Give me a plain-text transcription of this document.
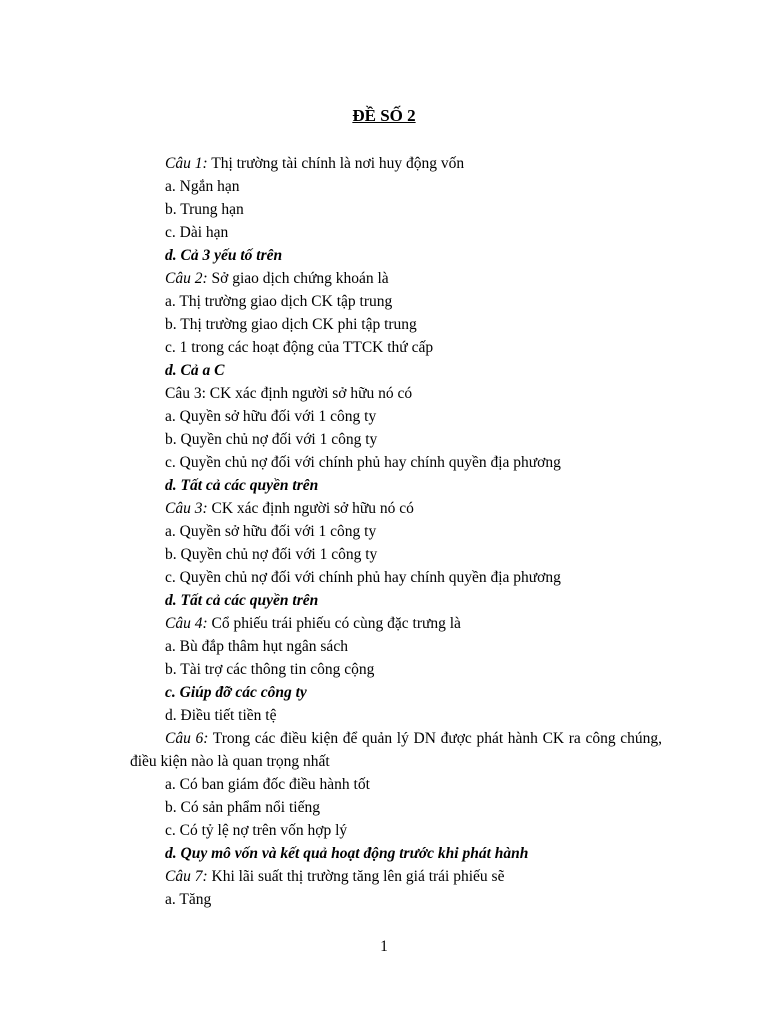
ĐỀ SỐ 2
Câu 1: Thị trường tài chính là nơi huy động vốn
a. Ngắn hạn
b. Trung hạn
c. Dài hạn
d. Cả 3 yếu tố trên
Câu 2: Sở giao dịch chứng khoán là
a. Thị trường giao dịch CK tập trung
b. Thị trường giao dịch CK phi tập trung
c. 1 trong các hoạt động của TTCK thứ cấp
d. Cả a C
Câu 3: CK xác định người sở hữu nó có
a. Quyền sở hữu đối với 1 công ty
b. Quyền chủ nợ đối với 1 công ty
c. Quyền chủ nợ đối với chính phủ hay chính quyền địa phương
d. Tất cả các quyền trên
Câu 3: CK xác định người sở hữu nó có
a. Quyền sở hữu đối với 1 công ty
b. Quyền chủ nợ đối với 1 công ty
c. Quyền chủ nợ đối với chính phủ hay chính quyền địa phương
d. Tất cả các quyền trên
Câu 4: Cổ phiếu trái phiếu có cùng đặc trưng là
a. Bù đắp thâm hụt ngân sách
b. Tài trợ các thông tin công cộng
c. Giúp đỡ các công ty
d. Điều tiết tiền tệ
Câu 6: Trong các điều kiện để quản lý DN được phát hành CK ra công chúng, điều kiện nào là quan trọng nhất
a. Có ban giám đốc điều hành tốt
b. Có sản phẩm nổi tiếng
c. Có tỷ lệ nợ trên vốn hợp lý
d. Quy mô vốn và kết quả hoạt động trước khi phát hành
Câu 7: Khi lãi suất thị trường tăng lên giá trái phiếu sẽ
a. Tăng
1
